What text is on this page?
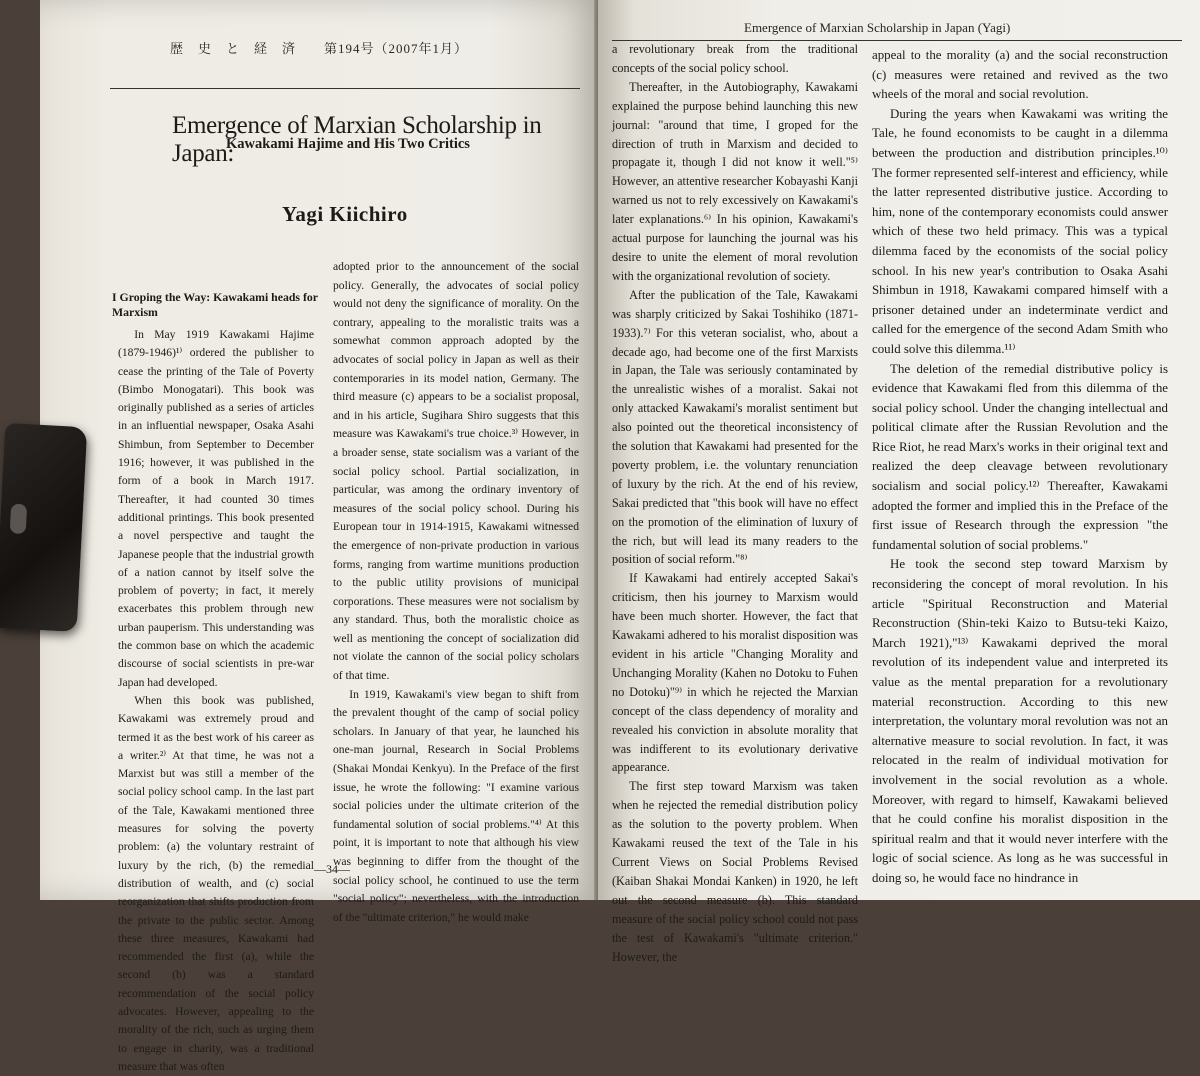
歴　史　と　経　済　　第194号（2007年1月）
Emergence of Marxian Scholarship in Japan (Yagi)
Emergence of Marxian Scholarship in Japan:
Kawakami Hajime and His Two Critics
Yagi Kiichiro
I Groping the Way: Kawakami heads for Marxism

In May 1919 Kawakami Hajime (1879-1946)¹⁾ ordered the publisher to cease the printing of the Tale of Poverty (Bimbo Monogatari). This book was originally published as a series of articles in an influential newspaper, Osaka Asahi Shimbun, from September to December 1916; however, it was published in the form of a book in March 1917. Thereafter, it had counted 30 times additional printings. This book presented a novel perspective and taught the Japanese people that the industrial growth of a nation cannot by itself solve the problem of poverty; in fact, it merely exacerbates this problem through new urban pauperism. This understanding was the common base on which the academic discourse of social scientists in pre-war Japan had developed.

When this book was published, Kawakami was extremely proud and termed it as the best work of his career as a writer.²⁾ At that time, he was not a Marxist but was still a member of the social policy school camp. In the last part of the Tale, Kawakami mentioned three measures for solving the poverty problem: (a) the voluntary restraint of luxury by the rich, (b) the remedial distribution of wealth, and (c) social reorganization that shifts production from the private to the public sector. Among these three measures, Kawakami had recommended the first (a), while the second (b) was a standard recommendation of the social policy advocates. However, appealing to the morality of the rich, such as urging them to engage in charity, was a traditional measure that was often

adopted prior to the announcement of the social policy. Generally, the advocates of social policy would not deny the significance of morality. On the contrary, appealing to the moralistic traits was a somewhat common approach adopted by the advocates of social policy in Japan as well as their contemporaries in its model nation, Germany. The third measure (c) appears to be a socialist proposal, and in his article, Sugihara Shiro suggests that this measure was Kawakami's true choice.³⁾ However, in a broader sense, state socialism was a variant of the social policy school. Partial socialization, in particular, was among the ordinary inventory of measures of the social policy school. During his European tour in 1914-1915, Kawakami witnessed the emergence of non-private production in various forms, ranging from wartime munitions production to the public utility provisions of municipal corporations. These measures were not socialism by any standard. Thus, both the moralistic choice as well as mentioning the concept of socialization did not violate the cannon of the social policy scholars of that time.

In 1919, Kawakami's view began to shift from the prevalent thought of the camp of social policy scholars. In January of that year, he launched his one-man journal, Research in Social Problems (Shakai Mondai Kenkyu). In the Preface of the first issue, he wrote the following: "I examine various social policies under the ultimate criterion of the fundamental solution of social problems."⁴⁾ At this point, it is important to note that although his view was beginning to differ from the thought of the social policy school, he continued to use the term "social policy"; nevertheless, with the introduction of the "ultimate criterion," he would make

—34—

a revolutionary break from the traditional concepts of the social policy school.

Thereafter, in the Autobiography, Kawakami explained the purpose behind launching this new journal: "around that time, I groped for the direction of truth in Marxism and decided to propagate it, though I did not know it well."⁵⁾ However, an attentive researcher Kobayashi Kanji warned us not to rely excessively on Kawakami's later explanations.⁶⁾ In his opinion, Kawakami's actual purpose for launching the journal was his desire to unite the element of moral revolution with the organizational revolution of society.

After the publication of the Tale, Kawakami was sharply criticized by Sakai Toshihiko (1871-1933).⁷⁾ For this veteran socialist, who, about a decade ago, had become one of the first Marxists in Japan, the Tale was seriously contaminated by the unrealistic wishes of a moralist. Sakai not only attacked Kawakami's moralist sentiment but also pointed out the theoretical inconsistency of the solution that Kawakami had presented for the poverty problem, i.e. the voluntary renunciation of luxury by the rich. At the end of his review, Sakai predicted that "this book will have no effect on the promotion of the elimination of luxury of the rich, but will lead its many readers to the position of social reform."⁸⁾

If Kawakami had entirely accepted Sakai's criticism, then his journey to Marxism would have been much shorter. However, the fact that Kawakami adhered to his moralist disposition was evident in his article "Changing Morality and Unchanging Morality (Kahen no Dotoku to Fuhen no Dotoku)"⁹⁾ in which he rejected the Marxian concept of the class dependency of morality and revealed his conviction in absolute morality that was indifferent to its evolutionary derivative appearance.

The first step toward Marxism was taken when he rejected the remedial distribution policy as the solution to the poverty problem. When Kawakami reused the text of the Tale in his Current Views on Social Problems Revised (Kaiban Shakai Mondai Kanken) in 1920, he left out the second measure (b). This standard measure of the social policy school could not pass the test of Kawakami's "ultimate criterion." However, the

appeal to the morality (a) and the social reconstruction (c) measures were retained and revived as the two wheels of the moral and social revolution.

During the years when Kawakami was writing the Tale, he found economists to be caught in a dilemma between the production and distribution principles.¹⁰⁾ The former represented self-interest and efficiency, while the latter represented distributive justice. According to him, none of the contemporary economists could answer which of these two held primacy. This was a typical dilemma faced by the economists of the social policy school. In his new year's contribution to Osaka Asahi Shimbun in 1918, Kawakami compared himself with a prisoner detained under an indeterminate verdict and called for the emergence of the second Adam Smith who could solve this dilemma.¹¹⁾

The deletion of the remedial distributive policy is evidence that Kawakami fled from this dilemma of the social policy school. Under the changing intellectual and political climate after the Russian Revolution and the Rice Riot, he read Marx's works in their original text and realized the deep cleavage between revolutionary socialism and social policy.¹²⁾ Thereafter, Kawakami adopted the former and implied this in the Preface of the first issue of Research through the expression "the fundamental solution of social problems."

He took the second step toward Marxism by reconsidering the concept of moral revolution. In his article "Spiritual Reconstruction and Material Reconstruction (Shin-teki Kaizo to Butsu-teki Kaizo, March 1921),"¹³⁾ Kawakami deprived the moral revolution of its independent value and interpreted its value as the mental preparation for a revolutionary material reconstruction. According to this new interpretation, the voluntary moral revolution was not an alternative measure to social revolution. In fact, it was relocated in the realm of individual motivation for involvement in the social revolution as a whole. Moreover, with regard to himself, Kawakami believed that he could confine his moralist disposition in the spiritual realm and that it would never interfere with the logic of social science. As long as he was successful in doing so, he would face no hindrance in
